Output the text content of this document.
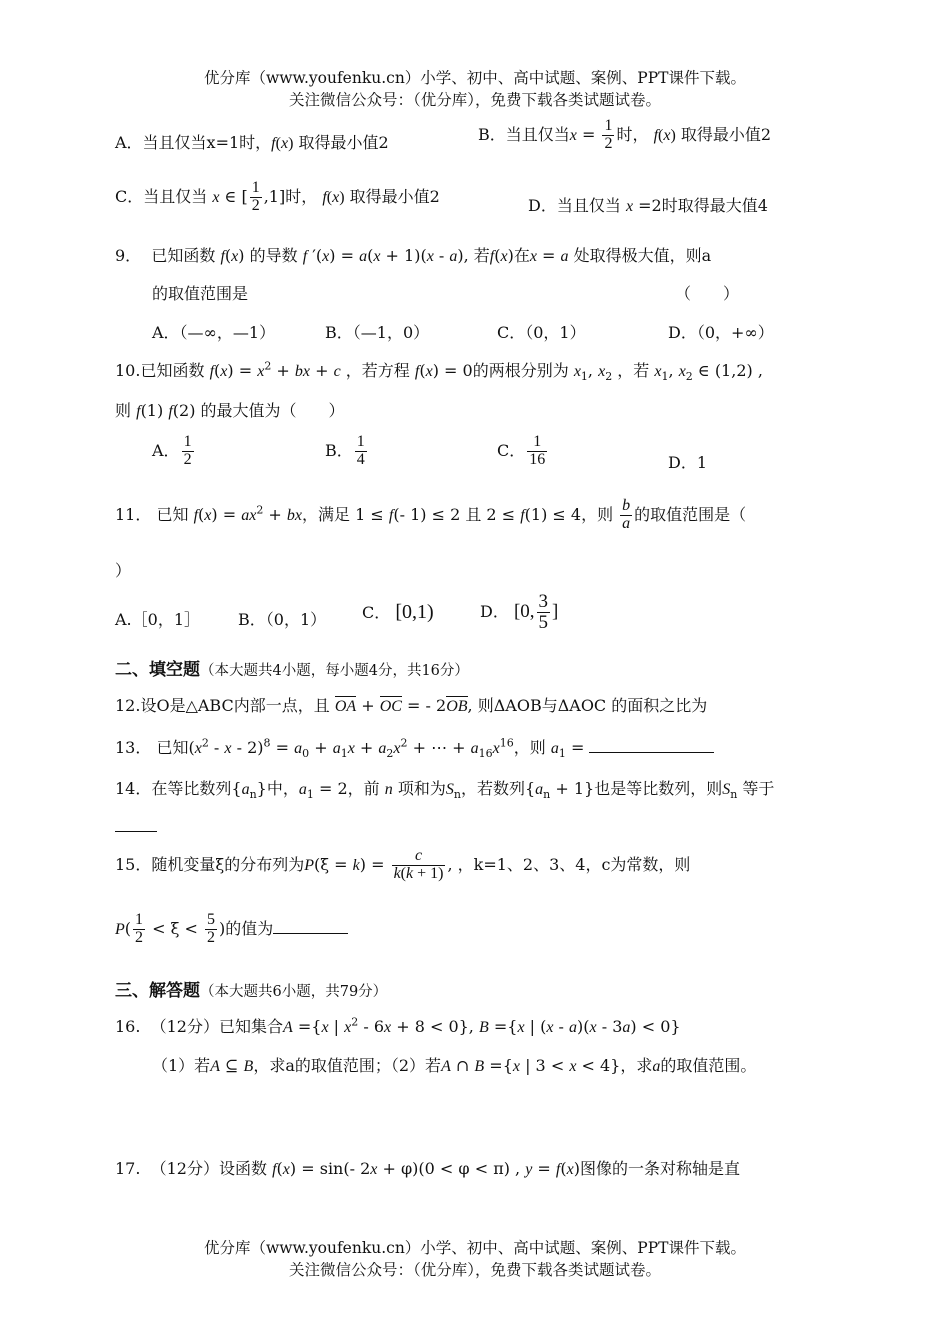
优分库（www.youfenku.cn）小学、初中、高中试题、案例、PPT课件下载。
关注微信公众号：（优分库），免费下载各类试题试卷。
A．当且仅当x=1时，f(x) 取得最小值2	B．当且仅当$x = \frac{1}{2}$ 时， f(x) 取得最小值2
C．当且仅当 x ∈ [ $\frac{1}{2} ,1$]时， f(x) 取得最小值2	D．当且仅当 x =2时取得最大值4
9． 已知函数 f(x) 的导数 f ′(x) = a(x + 1)(x - a), 若f(x)在x = a 处取得极大值，则a
的取值范围是	（　　）
A．（—∞，—1）	B．（—1，0）	C．（0，1）	D．（0，+∞）
10.已知函数 $f(x) = x^2$ + bx + c ，若方程 f(x) = 0的两根分别为 $x_1$, $x_2$ ，若 $x_1$, $x_2$ ∈ (1,2) ,
则 f(1) f(2) 的最大值为（　　）
A． $\frac{1}{2}$	B． $\frac{1}{4}$	C． $\frac{1}{16}$	D．1
11． 已知 $f(x) = ax^2$ + bx，满足 1 ≤ f(- 1) ≤ 2 且 2 ≤ f(1) ≤ 4，则 $\frac{b}{a}$ 的取值范围是（
）
A.［0，1］ B．（0，1） C． [0,1)	D． [0, $\frac{3}{5}$ ]
二、填空题（本大题共4小题，每小题4分，共16分）
12.设O是△ABC内部一点，且 OA + OC = - 2OB, 则ΔAOB与ΔAOC 的面积之比为
13． 已知$(x^2 - x - 2)^8 = a_0 + a_1x + a_2x^2$ + ⋯ + $a_{16}x^{16}$，则 $a_1$ =
14．在等比数列$\{a_n\}$中，$a_1 = 2$，前 n 项和为$S_n$，若数列$\{a_n + 1\}$也是等比数列，则$S_n$ 等于
15．随机变量ξ的分布列为$P(\xi = k) = \frac{c}{k(k + 1)}$ , ，k=1、2、3、4，c为常数，则
$P( \frac{1}{2} < \xi < \frac{5}{2}$ )的值为
三、解答题（本大题共6小题，共79分）
16. （12分）已知集合A ={x | $x^2 - 6x + 8 < 0$}, B ={x | (x - a)(x - 3a) < 0}
（1）若A ⊆ B，求a的取值范围；（2）若A ∩ B ={x | 3 < x < 4}，求a的取值范围。
17. （12分）设函数 f(x) = sin(- 2x + φ)(0 < φ < π) , y = f(x)图像的一条对称轴是直
优分库（www.youfenku.cn）小学、初中、高中试题、案例、PPT课件下载。
关注微信公众号：（优分库），免费下载各类试题试卷。
